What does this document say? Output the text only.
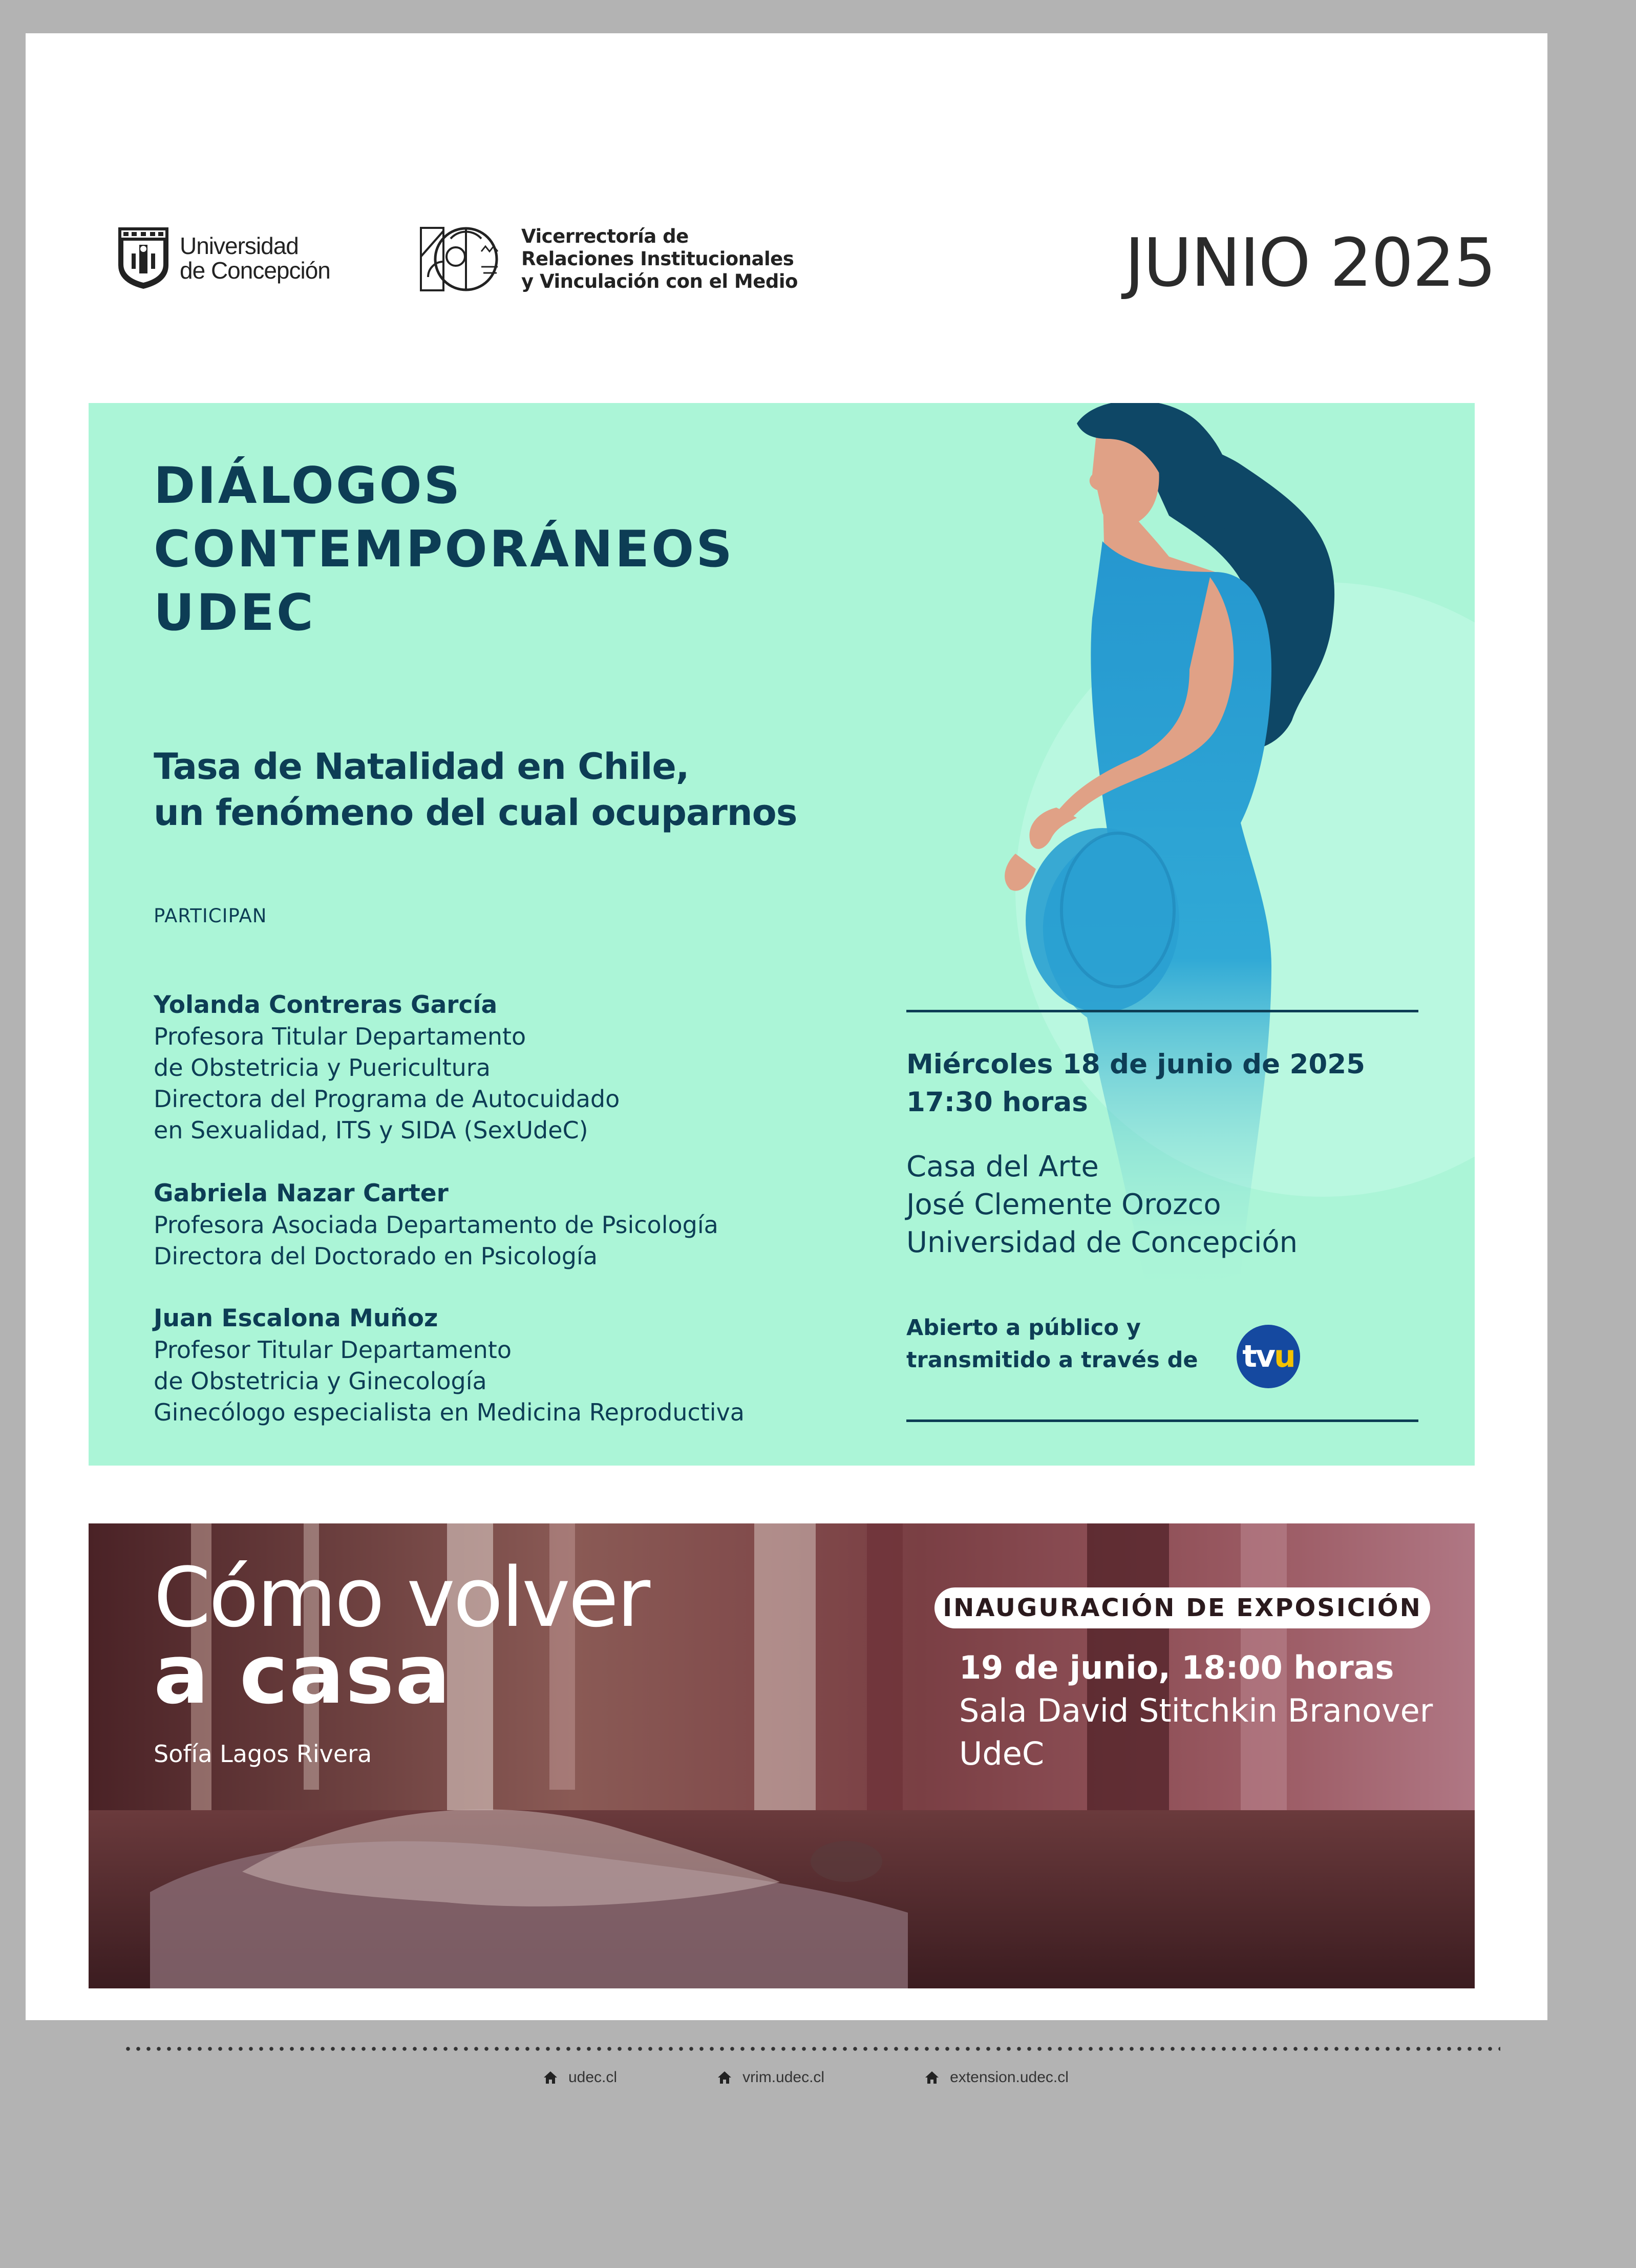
Universidad
de Concepción
Vicerrectoría de
Relaciones Institucionales
y Vinculación con el Medio	JUNIO 2025
DIÁLOGOS
CONTEMPORÁNEOS
UDEC
Tasa de Natalidad en Chile,
un fenómeno del cual ocuparnos
PARTICIPAN
Yolanda Contreras García
Profesora Titular Departamento
de Obstetricia y Puericultura
Directora del Programa de Autocuidado
en Sexualidad, ITS y SIDA (SexUdeC)
Gabriela Nazar Carter
Profesora Asociada Departamento de Psicología
Directora del Doctorado en Psicología
Juan Escalona Muñoz
Profesor Titular Departamento
de Obstetricia y Ginecología
Ginecólogo especialista en Medicina Reproductiva
Miércoles 18 de junio de 2025
17:30 horas
Casa del Arte
José Clemente Orozco
Universidad de Concepción
Abierto a público y
transmitido a través de tv u
Cómo volver
a casa
Sofía Lagos Rivera
INAUGURACIÓN DE EXPOSICIÓN
19 de junio, 18:00 horas
Sala David Stitchkin Branover
UdeC
udec.cl	vrim.udec.cl	extension.udec.cl
